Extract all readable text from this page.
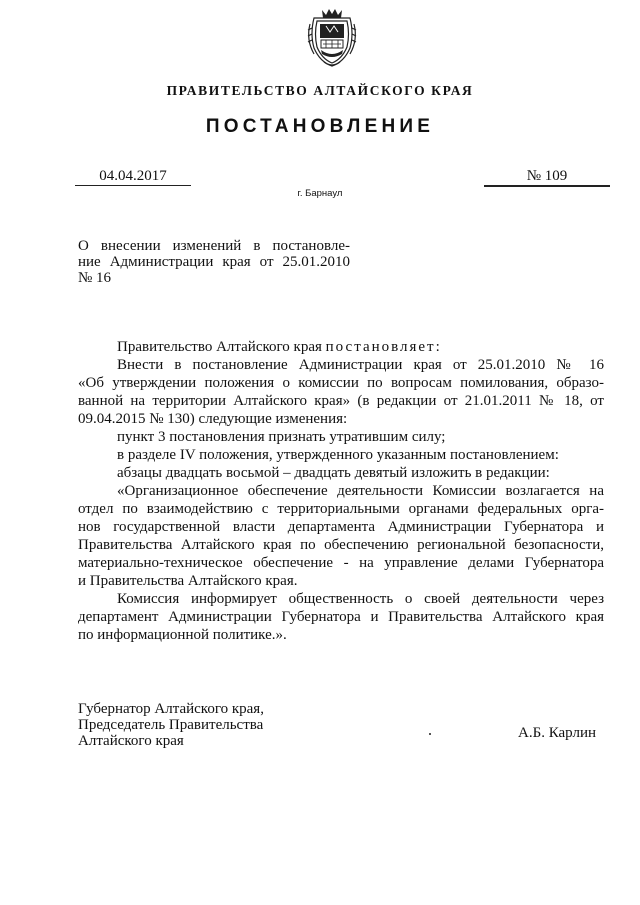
ПРАВИТЕЛЬСТВО АЛТАЙСКОГО КРАЯ
ПОСТАНОВЛЕНИЕ
04.04.2017	№ 109
г. Барнаул
О внесении изменений в постановле-
ние Администрации края от 25.01.2010
№ 16
Правительство Алтайского края постановляет:
Внести в постановление Администрации края от 25.01.2010 № 16
«Об утверждении положения о комиссии по вопросам помилования, образо-
ванной на территории Алтайского края» (в редакции от 21.01.2011 № 18, от
09.04.2015 № 130) следующие изменения:
пункт 3 постановления признать утратившим силу;
в разделе IV положения, утвержденного указанным постановлением:
абзацы двадцать восьмой – двадцать девятый изложить в редакции:
«Организационное обеспечение деятельности Комиссии возлагается на
отдел по взаимодействию с территориальными органами федеральных орга-
нов государственной власти департамента Администрации Губернатора и
Правительства Алтайского края по обеспечению региональной безопасности,
материально-техническое обеспечение - на управление делами Губернатора
и Правительства Алтайского края.
Комиссия информирует общественность о своей деятельности через
департамент Администрации Губернатора и Правительства Алтайского края
по информационной политике.».
Губернатор Алтайского края,
Председатель Правительства
Алтайского края	А.Б. Карлин
